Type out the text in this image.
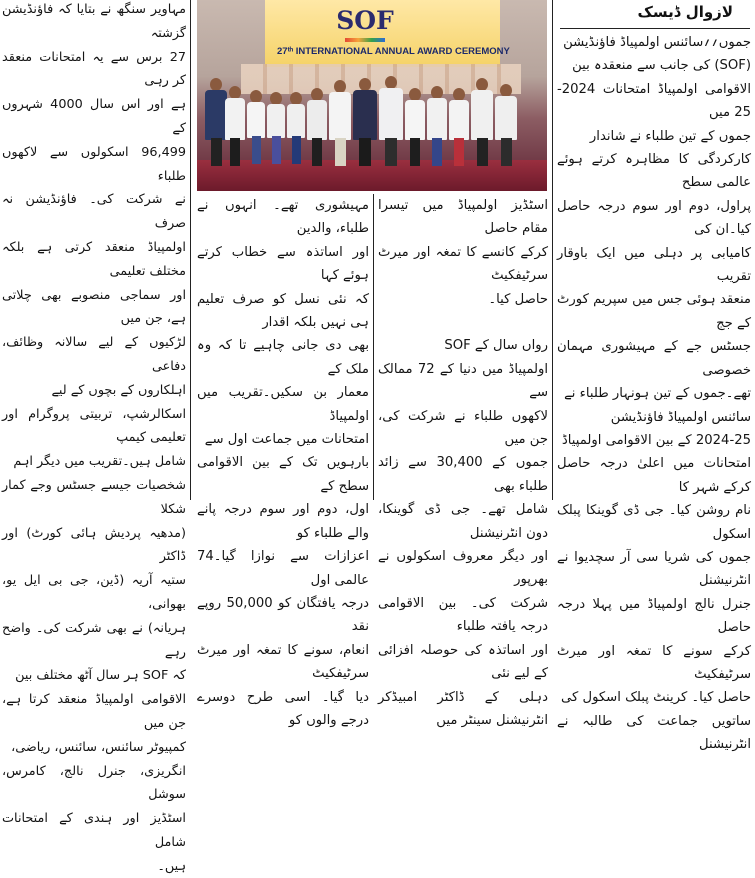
لازوال ڈیسک
SOF
27ᵗʰ INTERNATIONAL ANNUAL AWARD CEREMONY

جموں؍؍سائنس اولمپیاڈ فاؤنڈیشن

(SOF) کی جانب سے منعقدہ بین

الاقوامی اولمپیاڈ امتحانات 2024-25 میں

جموں کے تین طلباء نے شاندار

کارکردگی کا مظاہرہ کرتے ہوئے عالمی سطح

پراول، دوم اور سوم درجہ حاصل کیا۔ان کی

کامیابی پر دہلی میں ایک باوقار تقریب

منعقد ہوئی جس میں سپریم کورٹ کے جج

جسٹس جے کے مہیشوری مہمان خصوصی

تھے۔جموں کے تین ہونہار طلباء نے

سائنس اولمپیاڈ فاؤنڈیشن

2024-25 کے بین الاقوامی اولمپیاڈ

امتحانات میں اعلیٰ درجہ حاصل کرکے شہر کا

نام روشن کیا۔ جی ڈی گوینکا پبلک اسکول

جموں کی شریا سی آر سچدیوا نے انٹرنیشنل

جنرل نالج اولمپیاڈ میں پہلا درجہ حاصل

کرکے سونے کا تمغہ اور میرٹ سرٹیفکیٹ

حاصل کیا۔ کرینٹ پبلک اسکول کی

ساتویں جماعت کی طالبہ نے انٹرنیشنل

اسٹڈیز اولمپیاڈ میں تیسرا مقام حاصل

کرکے کانسے کا تمغہ اور میرٹ سرٹیفکیٹ

حاصل کیا۔

رواں سال کے SOF

اولمپیاڈ میں دنیا کے 72 ممالک سے

لاکھوں طلباء نے شرکت کی، جن میں

جموں کے 30,400 سے زائد طلباء بھی

شامل تھے۔ جی ڈی گوینکا، دون انٹرنیشنل

اور دیگر معروف اسکولوں نے بھرپور

شرکت کی۔ بین الاقوامی درجہ یافتہ طلباء

اور اساتذہ کی حوصلہ افزائی کے لیے نئی

دہلی کے ڈاکٹر امبیڈکر انٹرنیشنل سینٹر میں

مہیشوری تھے۔ انہوں نے طلباء، والدین

اور اساتذہ سے خطاب کرتے ہوئے کہا

کہ نئی نسل کو صرف تعلیم ہی نہیں بلکہ اقدار

بھی دی جانی چاہیے تا کہ وہ ملک کے

معمار بن سکیں۔تقریب میں اولمپیاڈ

امتحانات میں جماعت اول سے

بارہویں تک کے بین الاقوامی سطح کے

اول، دوم اور سوم درجہ پانے والے طلباء کو

اعزازات سے نوازا گیا۔74 عالمی اول

درجہ یافتگان کو 50,000 روپے نقد

انعام، سونے کا تمغہ اور میرٹ سرٹیفکیٹ

دیا گیا۔ اسی طرح دوسرے درجے والوں کو

مہاویر سنگھ نے بتایا کہ فاؤنڈیشن گزشتہ

27 برس سے یہ امتحانات منعقد کر رہی

ہے اور اس سال 4000 شہروں کے

96,499 اسکولوں سے لاکھوں طلباء

نے شرکت کی۔ فاؤنڈیشن نہ صرف

اولمپیاڈ منعقد کرتی ہے بلکہ مختلف تعلیمی

اور سماجی منصوبے بھی چلاتی ہے، جن میں

لڑکیوں کے لیے سالانہ وظائف، دفاعی

اہلکاروں کے بچوں کے لیے

اسکالرشپ، تربیتی پروگرام اور تعلیمی کیمپ

شامل ہیں۔تقریب میں دیگر اہم

شخصیات جیسے جسٹس وجے کمار شکلا

(مدھیہ پردیش ہائی کورٹ) اور ڈاکٹر

ستیہ آریہ (ڈین، جی بی ایل یو، بھوانی،

ہریانہ) نے بھی شرکت کی۔ واضح رہے

کہ SOF ہر سال آٹھ مختلف بین

الاقوامی اولمپیاڈ منعقد کرتا ہے، جن میں

کمپیوٹر سائنس، سائنس، ریاضی،

انگریزی، جنرل نالج، کامرس، سوشل

اسٹڈیز اور ہندی کے امتحانات شامل

ہیں۔
